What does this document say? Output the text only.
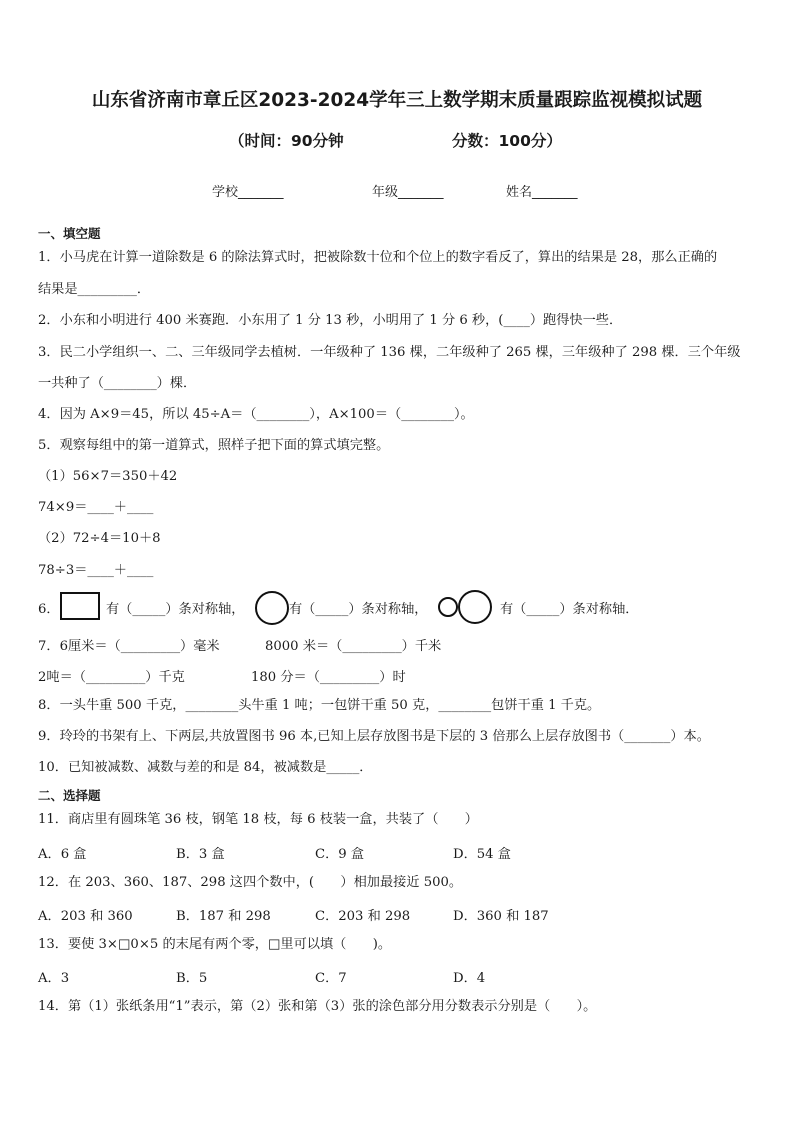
山东省济南市章丘区2023-2024学年三上数学期末质量跟踪监视模拟试题
（时间：90分钟	分数：100分）
学校_______	年级_______	姓名_______
一、填空题
1．小马虎在计算一道除数是 6 的除法算式时，把被除数十位和个位上的数字看反了，算出的结果是 28，那么正确的
结果是_________．
2．小东和小明进行 400 米赛跑．小东用了 1 分 13 秒，小明用了 1 分 6 秒，(____）跑得快一些．
3．民二小学组织一、二、三年级同学去植树．一年级种了 136 棵，二年级种了 265 棵，三年级种了 298 棵．三个年级
一共种了（________）棵．
4．因为 A×9＝45，所以 45÷A＝（________），A×100＝（________）。
5．观察每组中的第一道算式，照样子把下面的算式填完整。
（1）56×7＝350＋42
74×9＝____＋____
（2）72÷4＝10＋8
78÷3＝____＋____
6．	有（_____）条对称轴，	有（_____）条对称轴，	有（_____）条对称轴．
7．6厘米＝（_________）毫米	8000 米＝（_________）千米
2吨＝（_________）千克	180 分＝（_________）时
8．一头牛重 500 千克，________头牛重 1 吨；一包饼干重 50 克，________包饼干重 1 千克。
9．玲玲的书架有上、下两层,共放置图书 96 本,已知上层存放图书是下层的 3 倍那么上层存放图书（_______）本。
10．已知被减数、减数与差的和是 84，被减数是_____．
二、选择题
11．商店里有圆珠笔 36 枝，钢笔 18 枝，每 6 枝装一盒，共装了（　　）
A．6 盒	B．3 盒	C．9 盒	D．54 盒
12．在 203、360、187、298 这四个数中，(　　）相加最接近 500。
A．203 和 360	B．187 和 298	C．203 和 298	D．360 和 187
13．要使 3×□0×5 的末尾有两个零，□里可以填（　　)。
A．3	B．5	C．7	D．4
14．第（1）张纸条用“1”表示，第（2）张和第（3）张的涂色部分用分数表示分别是（　　）。
